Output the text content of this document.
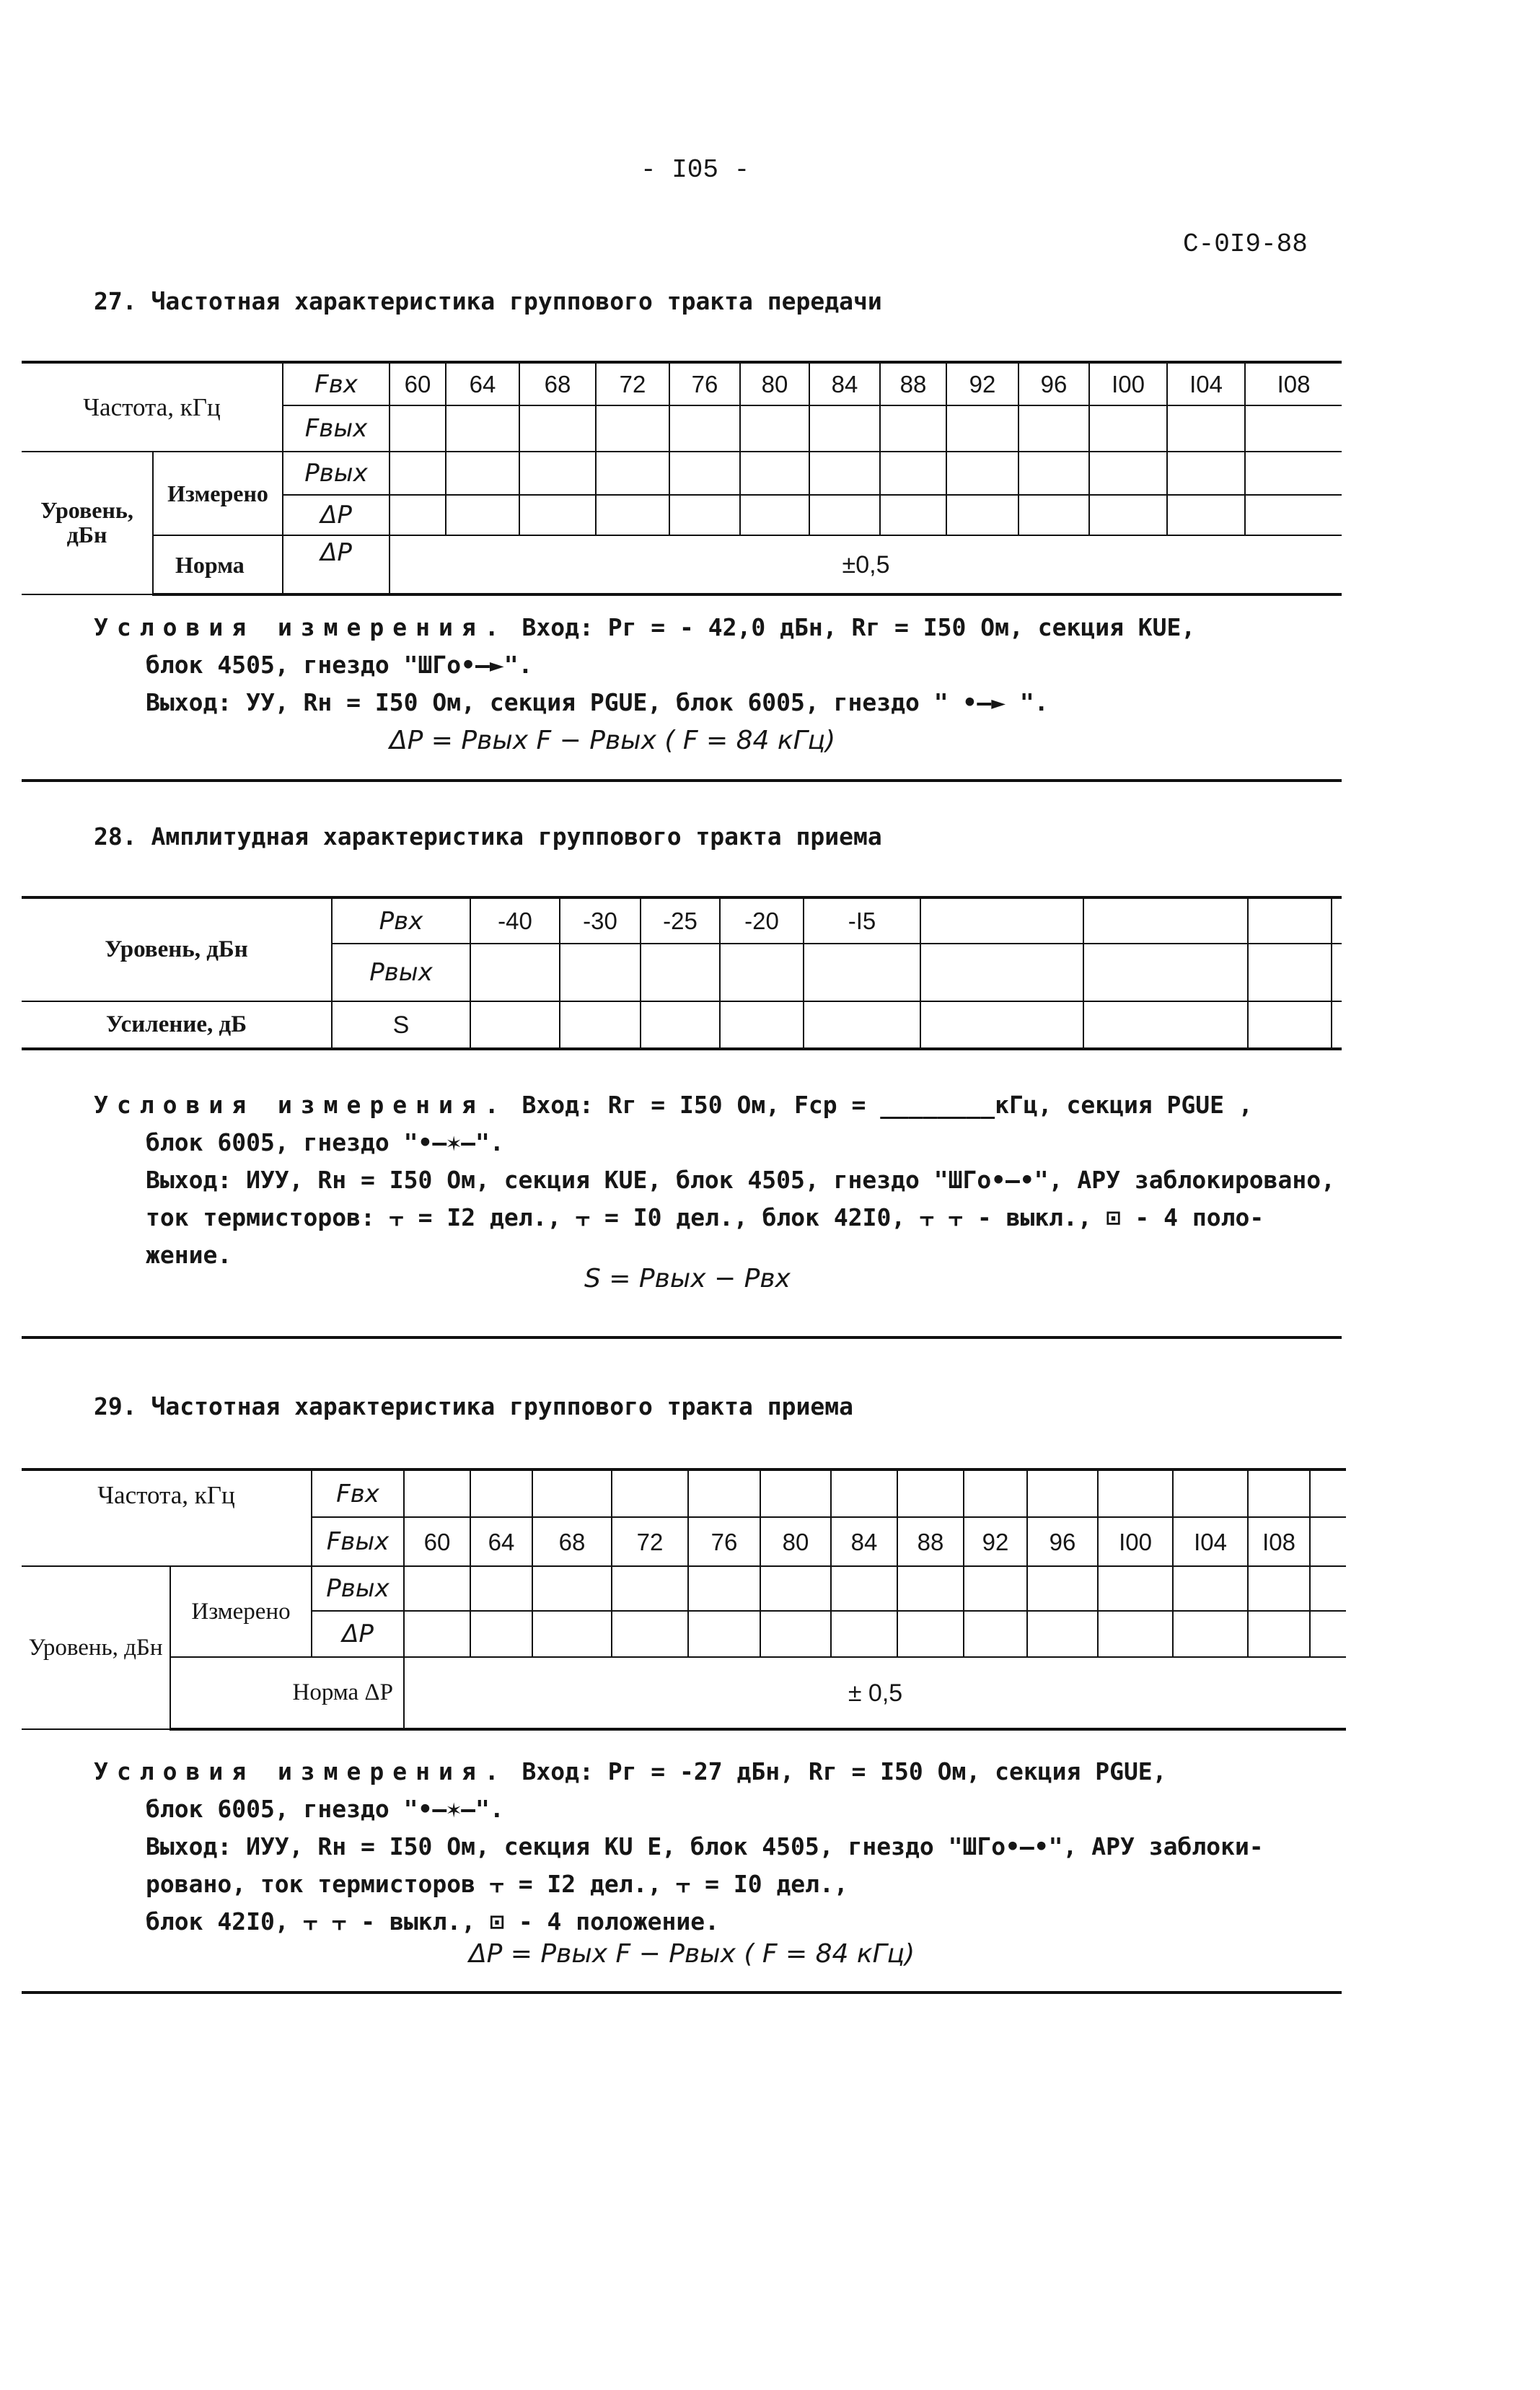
- I05 -
С-0I9-88
27. Частотная характеристика группового тракта передачи
Частота, кГц		Fвх	60	64	68	72	76	80	84	88	92	96	I00	I04	I08
		Fвых													
Уровень, дБн	Измерено	Pвых													
		ΔP													
	Норма	ΔP	±0,5												
Условия измерения. Вход: Pг = - 42,0 дБн, Rг = I50 Ом, секция KUE,
блок 4505, гнездо "ШГо•—►".
Выход: УУ, Rн = I50 Ом, секция PGUE, блок 6005, гнездо " •—► ".
ΔP = Pвых F − Pвых ( F = 84 кГц)
28. Амплитудная характеристика группового тракта приема
Уровень, дБн	Pвх	-40	-30	-25	-20	-I5				
	Pвых									
Усиление, дБ	S									
Условия измерения. Вход: Rг = I50 Ом, Fср = ________кГц, секция PGUE ,
блок 6005, гнездо "•—✶—".
Выход: ИУУ, Rн = I50 Ом, секция KUE, блок 4505, гнездо "ШГо•—•", АРУ заблокировано,
ток термисторов: ⫟ = I2 дел., ⫟ = I0 дел., блок 42I0, ⫟ ⫟ - выкл., ⊡ - 4 поло-
жение.
S = Pвых − Pвх
29. Частотная характеристика группового тракта приема
Частота, кГц		Fвх														
		Fвых	60	64	68	72	76	80	84	88	92	96	I00	I04	I08	
Уровень, дБн	Измерено	Pвых														
		ΔP														
	Норма ΔP		± 0,5													
Условия измерения. Вход: Pг = -27 дБн, Rг = I50 Ом, секция PGUE,
блок 6005, гнездо "•—✶—".
Выход: ИУУ, Rн = I50 Ом, секция KU E, блок 4505, гнездо "ШГо•—•", АРУ заблоки-
ровано, ток термисторов ⫟ = I2 дел., ⫟ = I0 дел.,
блок 42I0, ⫟ ⫟ - выкл., ⊡ - 4 положение.
ΔP = Pвых F − Pвых ( F = 84 кГц)
